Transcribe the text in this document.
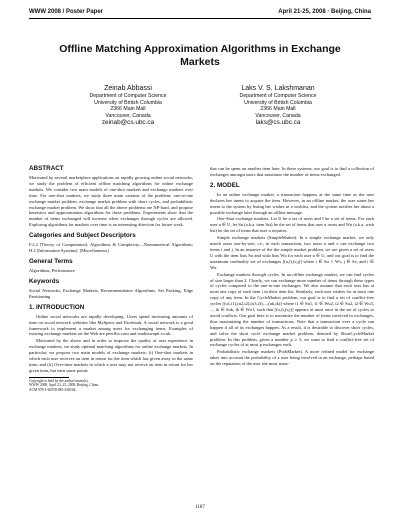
WWW 2008 / Poster Paper	April 21-25, 2008 · Beijing, China
Offline Matching Approximation Algorithms in Exchange Markets
Zeinab Abbassi
Department of Computer Science
University of British Columbia
2366 Main Mall
Vancouver, Canada
zeinab@cs.ubc.ca
Laks V. S. Lakshmanan
Department of Computer Science
University of British Columbia
2366 Main Mall
Vancouver, Canada
laks@cs.ubc.ca
ABSTRACT

Motivated by several marketplace applications on rapidly growing online social networks, we study the problem of efficient offline matching algorithms for online exchange markets. We consider two main models of one-shot markets and exchange markets over time. For one-shot markets, we study three main variants of the problem: one-to-one exchange market problem, exchange market problem with short cycles, and probabilistic exchange market problem. We show that all the above problems are NP-hard, and propose heuristics and approximation algorithms for these problems. Experiments show that the number of items exchanged will increase when exchanges through cycles are allowed. Exploring algorithms for markets over time is an interesting direction for future work.

Categories and Subject Descriptors

F.2.2 [Theory of Computation]: Algorithms & Complexity—Nonnumerical Algorithms; H.4 [Information Systems]: [Miscellaneous]

General Terms

Algorithms, Performance

Keywords

Social Networks, Exchange Markets, Recommendation Algorithms, Set Packing, Edge Partitioning

1. INTRODUCTION

Online social networks are rapidly developing. Users spend increasing amounts of time on social network websites like MySpace and Facebook. A social network is a good framework to implement a market among users for exchanging items. Examples of existing exchange markets on the Web are peerflix.com and readitswapit.co.uk.

Motivated by the above and in order to improve the quality of user experience in exchange markets, we study optimal matching algorithms for online exchange markets. In particular, we propose two main models of exchange markets: (i) One-shot markets in which each user receives an item in return for the item which has given away in the same time; and (ii) Over-time markets in which a user may not receive an item in return for her given item, but earn some points

Copyright is held by the author/owner(s).
WWW 2008, April 21–25, 2008, Beijing, China.
ACM 978-1-60558-085-2/08/04.

that can be spent on another item later. In these systems, our goal is to find a collection of exchanges amongst users that maximize the number of items exchanged.

2. MODEL

In an online exchange market, a transaction happens at the same time as the user declares her intent to acquire the item. However, in an offline market, the user states her intent to the system by listing her wishes in a wishlist, and the system notifies her about a possible exchange later through an offline message.

One-Shot exchange markets. Let U be a set of users and I be a set of items. For each user u ∈ U, let Su (a.k.a. item list) be the set of items that user u owns and Wu (a.k.a. wish list) be the set of items that user u requires.

Simple exchange markets (SimpleMarket). In a simple exchange market, we only match users one-by-one, i.e., in each transaction, two users u and v can exchange two items i and j. In an instance of the the simple market problem, we are given a set of users U with the item lists Su and wish lists Wu for each user u ∈ U, and our goal is to find the maximum cardinality set of exchanges [(u,i),(v,j)] where i ∈ Su ∩ Wv, j ∈ Sv, and i ∈ Wu.

Exchange markets through cycles. In an offline exchange market, we can find cycles of size larger than 2. Clearly, we can exchange more number of items through these types of cycles compared to the one-to-one exchanges. We also assume that each user has at most one copy of each item i in their item list. Similarly, each user wishes for at most one copy of any item. In the CycleMarket problem, our goal is to find a set of conflict-free cycles [(u1,i1),(u2,i2),(u3,i3),...,(uk,ik)] where i1 ∈ Su1, i1 ∈ Wu2, i2 ∈ Su2, i2 ∈ Wu3, ..., ik ∈ Suk, ik ∈ Wu1, such that [(u,i),(v,j)] appears at most once in the set of cycles to avoid conflicts. Our goal here is to maximize the number of items involved in exchanges, thus maximizing the number of transactions. Note that a transaction over a cycle can happen if all of its exchanges happen. As a result, it is desirable to discover short cycles, and solve the short cycle exchange market problem, denoted by ShortCycleMarket problem. In this problem, given a number p ≥ 3, we want to find a conflict-free set of exchange cycles of at most p exchanges each.

Probabilistic exchange markets (ProbMarket). A more refined model for exchange takes into account the probability of a user being involved in an exchange, perhaps based on the reputation of the user she must trans-

1187
